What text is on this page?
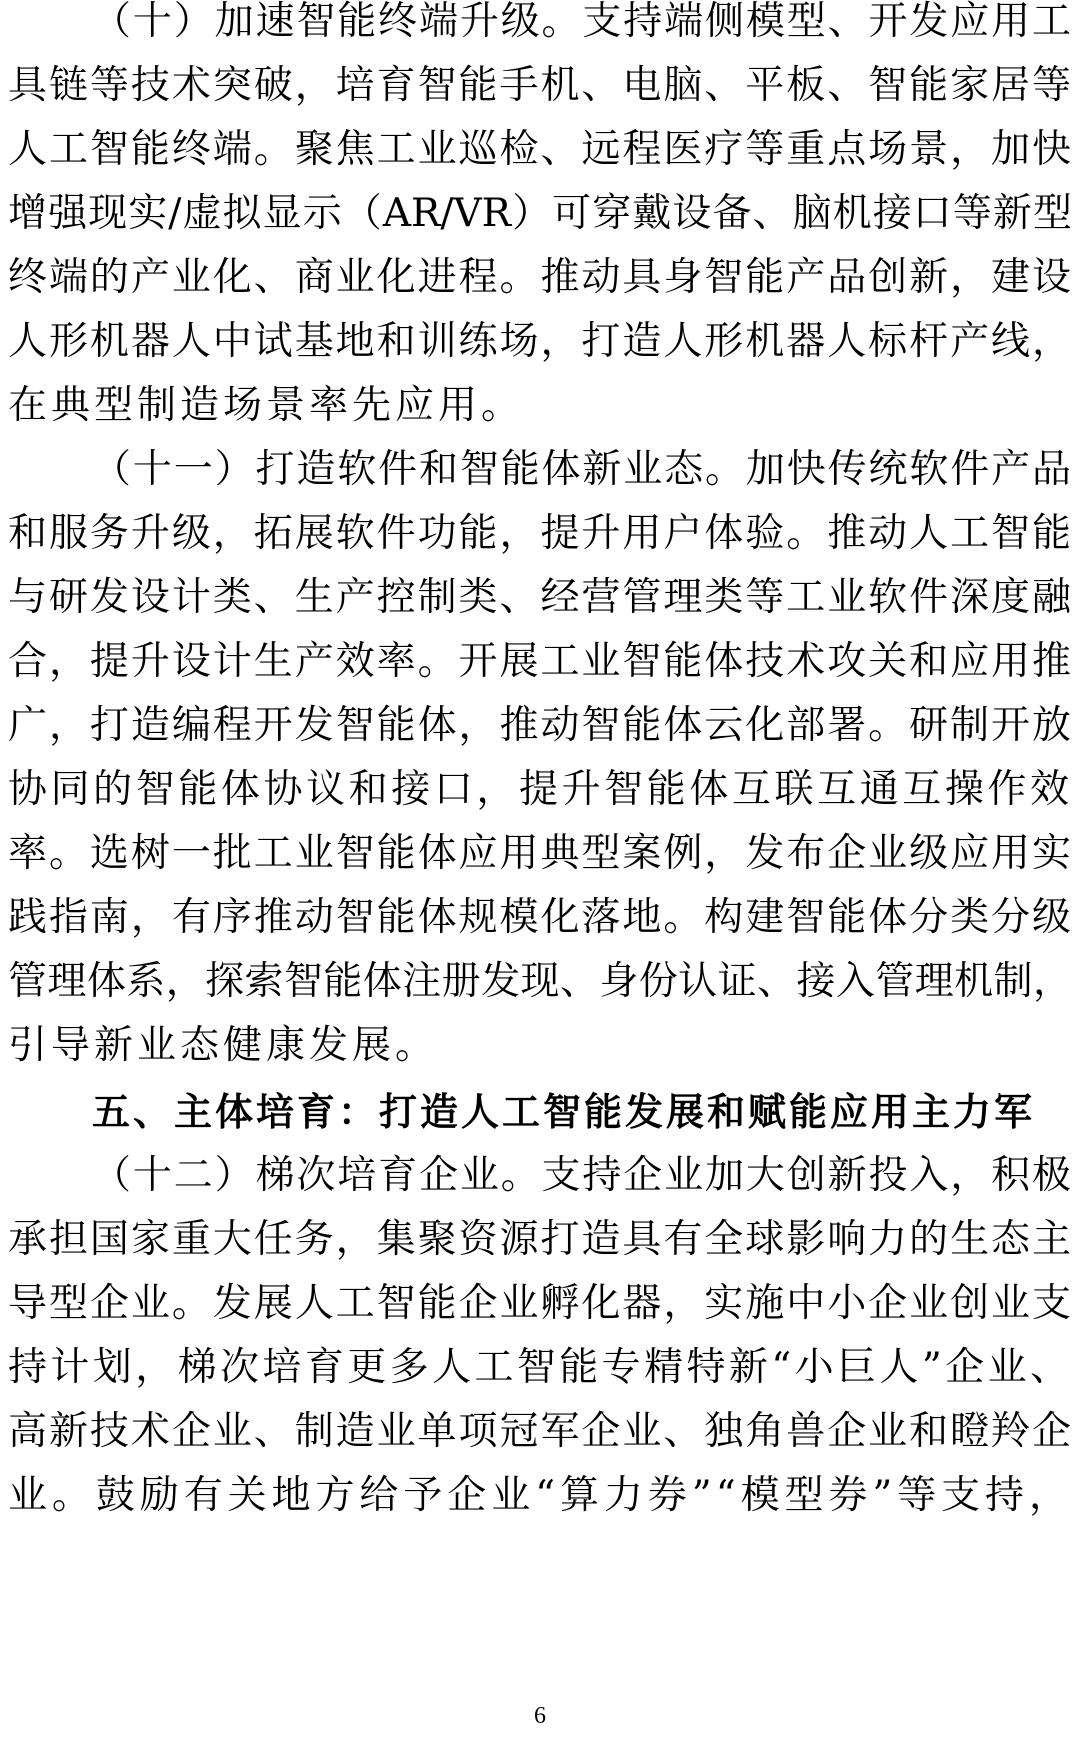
（十）加速智能终端升级。支持端侧模型、开发应用工
具链等技术突破，培育智能手机、电脑、平板、智能家居等
人工智能终端。聚焦工业巡检、远程医疗等重点场景，加快
增强现实/虚拟显示（AR/VR）可穿戴设备、脑机接口等新型
终端的产业化、商业化进程。推动具身智能产品创新，建设
人形机器人中试基地和训练场，打造人形机器人标杆产线，
在典型制造场景率先应用。
（十一）打造软件和智能体新业态。加快传统软件产品
和服务升级，拓展软件功能，提升用户体验。推动人工智能
与研发设计类、生产控制类、经营管理类等工业软件深度融
合，提升设计生产效率。开展工业智能体技术攻关和应用推
广，打造编程开发智能体，推动智能体云化部署。研制开放
协同的智能体协议和接口，提升智能体互联互通互操作效
率。选树一批工业智能体应用典型案例，发布企业级应用实
践指南，有序推动智能体规模化落地。构建智能体分类分级
管理体系，探索智能体注册发现、身份认证、接入管理机制，
引导新业态健康发展。
五、主体培育：打造人工智能发展和赋能应用主力军
（十二）梯次培育企业。支持企业加大创新投入，积极
承担国家重大任务，集聚资源打造具有全球影响力的生态主
导型企业。发展人工智能企业孵化器，实施中小企业创业支
持计划，梯次培育更多人工智能专精特新“小巨人”企业、
高新技术企业、制造业单项冠军企业、独角兽企业和瞪羚企
业。鼓励有关地方给予企业“算力券”“模型券”等支持，
6
